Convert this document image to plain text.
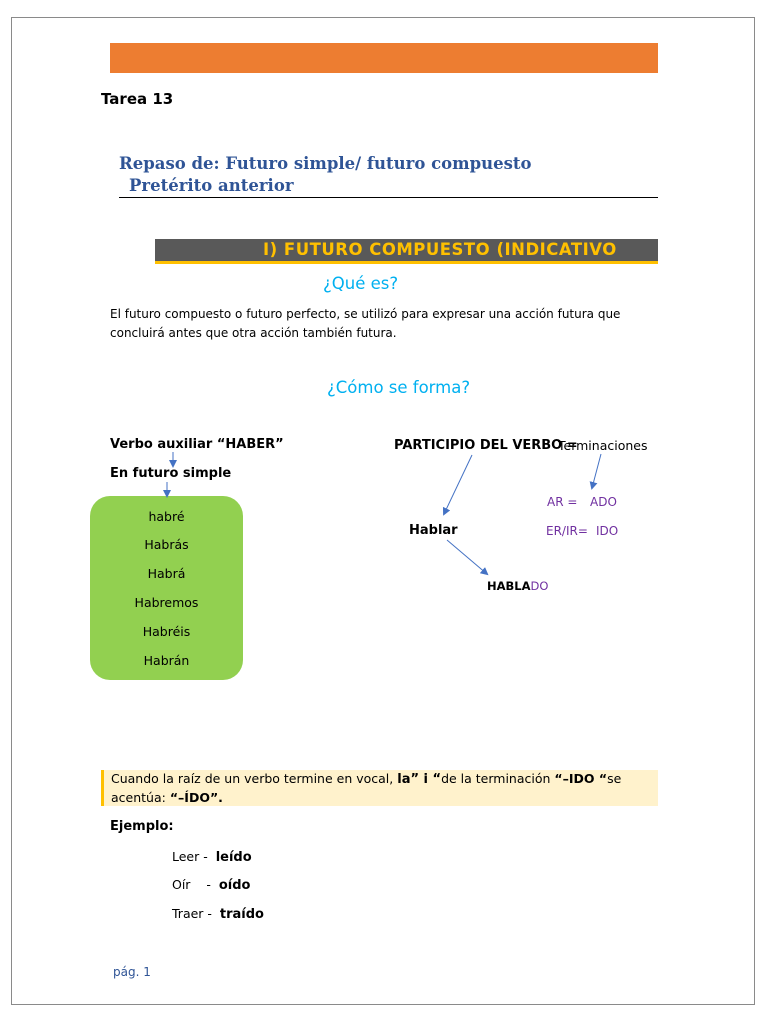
Tarea 13
Repaso de: Futuro simple/ futuro compuesto
Pretérito anterior
I) FUTURO COMPUESTO (INDICATIVO
¿Qué es?
El futuro compuesto o futuro perfecto, se utilizó para expresar una acción futura que concluirá antes que otra acción también futura.
¿Cómo se forma?
Verbo auxiliar “HABER”
En futuro simple
habré
Habrás
Habrá
Habremos
Habréis
Habrán
PARTICIPIO DEL VERBO =
Terminaciones
AR = ADO
ER/IR= IDO
Hablar
HABLADO
Cuando la raíz de un verbo termine en vocal, la” i “de la terminación “–IDO “se acentúa: “–ÍDO”.
Ejemplo:
Leer - leído
Oír    - oído
Traer - traído
pág. 1
